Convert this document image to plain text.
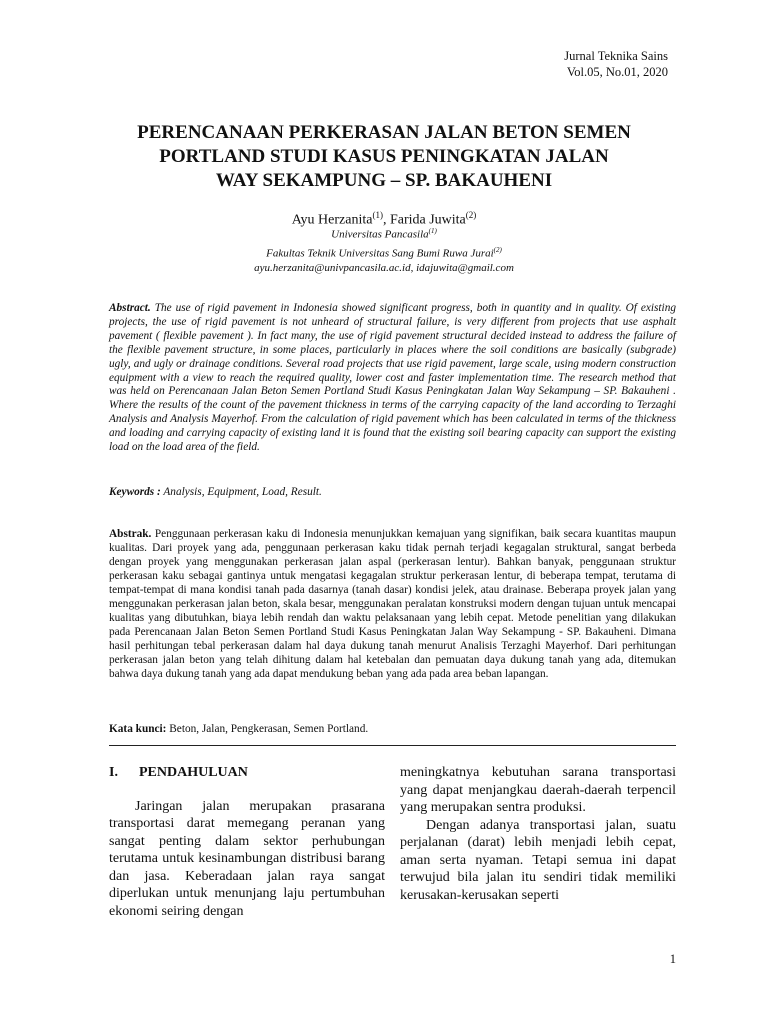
Jurnal Teknika Sains
Vol.05, No.01, 2020
PERENCANAAN PERKERASAN JALAN BETON SEMEN
PORTLAND STUDI KASUS PENINGKATAN JALAN
WAY SEKAMPUNG – SP. BAKAUHENI
Ayu Herzanita$^{(1)}$, Farida Juwita$^{(2)}$
Universitas Pancasila$^{(1)}$
Fakultas Teknik Universitas Sang Bumi Ruwa Jurai$^{(2)}$
ayu.herzanita@univpancasila.ac.id, idajuwita@gmail.com

Abstract. The use of rigid pavement in Indonesia showed significant progress, both in quantity and in quality. Of existing projects, the use of rigid pavement is not unheard of structural failure, is very different from projects that use asphalt pavement ( flexible pavement ). In fact many, the use of rigid pavement structural decided instead to address the failure of the flexible pavement structure, in some places, particularly in places where the soil conditions are basically (subgrade) ugly, and ugly or drainage conditions. Several road projects that use rigid pavement, large scale, using modern construction equipment with a view to reach the required quality, lower cost and faster implementation time. The research method that was held on Perencanaan Jalan Beton Semen Portland Studi Kasus Peningkatan Jalan Way Sekampung – SP. Bakauheni . Where the results of the count of the pavement thickness in terms of the carrying capacity of the land according to Terzaghi Analysis and Analysis Mayerhof. From the calculation of rigid pavement which has been calculated in terms of the thickness and loading and carrying capacity of existing land it is found that the existing soil bearing capacity can support the existing load on the load area of the field.

Keywords : Analysis, Equipment, Load, Result.

Abstrak. Penggunaan perkerasan kaku di Indonesia menunjukkan kemajuan yang signifikan, baik secara kuantitas maupun kualitas. Dari proyek yang ada, penggunaan perkerasan kaku tidak pernah terjadi kegagalan struktural, sangat berbeda dengan proyek yang menggunakan perkerasan jalan aspal (perkerasan lentur). Bahkan banyak, penggunaan struktur perkerasan kaku sebagai gantinya untuk mengatasi kegagalan struktur perkerasan lentur, di beberapa tempat, terutama di tempat-tempat di mana kondisi tanah pada dasarnya (tanah dasar) kondisi jelek, atau drainase. Beberapa proyek jalan yang menggunakan perkerasan jalan beton, skala besar, menggunakan peralatan konstruksi modern dengan tujuan untuk mencapai kualitas yang dibutuhkan, biaya lebih rendah dan waktu pelaksanaan yang lebih cepat. Metode penelitian yang dilakukan pada Perencanaan Jalan Beton Semen Portland Studi Kasus Peningkatan Jalan Way Sekampung - SP. Bakauheni. Dimana hasil perhitungan tebal perkerasan dalam hal daya dukung tanah menurut Analisis Terzaghi Mayerhof. Dari perhitungan perkerasan jalan beton yang telah dihitung dalam hal ketebalan dan pemuatan daya dukung tanah yang ada, ditemukan bahwa daya dukung tanah yang ada dapat mendukung beban yang ada pada area beban lapangan.

Kata kunci: Beton, Jalan, Pengkerasan, Semen Portland.

I.	PENDAHULUAN

Jaringan jalan merupakan prasarana transportasi darat memegang peranan yang sangat penting dalam sektor perhubungan terutama untuk kesinambungan distribusi barang dan jasa. Keberadaan jalan raya sangat diperlukan untuk menunjang laju pertumbuhan ekonomi seiring dengan

meningkatnya kebutuhan sarana transportasi yang dapat menjangkau daerah-daerah terpencil yang merupakan sentra produksi.

Dengan adanya transportasi jalan, suatu perjalanan (darat) lebih menjadi lebih cepat, aman serta nyaman. Tetapi semua ini dapat terwujud bila jalan itu sendiri tidak memiliki kerusakan-kerusakan seperti

1
